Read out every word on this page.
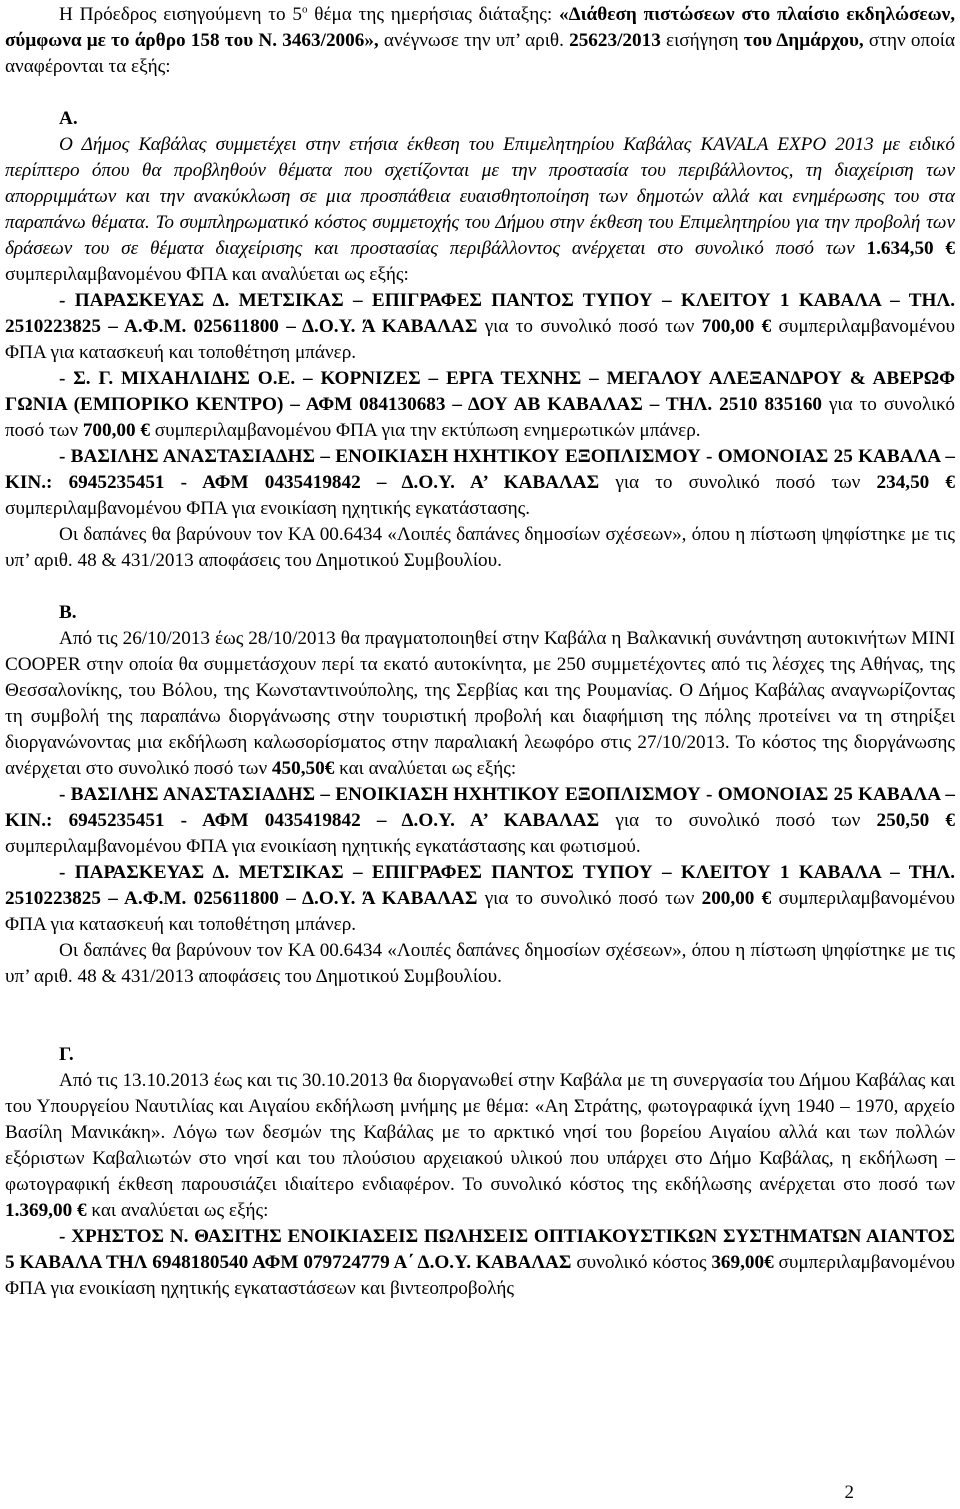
Η Πρόεδρος εισηγούμενη το $5^o$ θέμα της ημερήσιας διάταξης: «Διάθεση πιστώσεων στο πλαίσιο εκδηλώσεων, σύμφωνα με το άρθρο 158 του Ν. 3463/2006», ανέγνωσε την υπ’ αριθ. 25623/2013 εισήγηση του Δημάρχου, στην οποία αναφέρονται τα εξής:

Α.

Ο Δήμος Καβάλας συμμετέχει στην ετήσια έκθεση του Επιμελητηρίου Καβάλας KAVALA EXPO 2013 με ειδικό περίπτερο όπου θα προβληθούν θέματα που σχετίζονται με την προστασία του περιβάλλοντος, τη διαχείριση των απορριμμάτων και την ανακύκλωση σε μια προσπάθεια ευαισθητοποίηση των δημοτών αλλά και ενημέρωσης του στα παραπάνω θέματα. Το συμπληρωματικό κόστος συμμετοχής του Δήμου στην έκθεση του Επιμελητηρίου για την προβολή των δράσεων του σε θέματα διαχείρισης και προστασίας περιβάλλοντος ανέρχεται στο συνολικό ποσό των 1.634,50 € συμπεριλαμβανομένου ΦΠΑ και αναλύεται ως εξής:

- ΠΑΡΑΣΚΕΥΑΣ Δ. ΜΕΤΣΙΚΑΣ – ΕΠΙΓΡΑΦΕΣ ΠΑΝΤΟΣ ΤΥΠΟΥ – ΚΛΕΙΤΟΥ 1 ΚΑΒΑΛΑ – ΤΗΛ. 2510223825 – Α.Φ.Μ. 025611800 – Δ.Ο.Υ. Ά ΚΑΒΑΛΑΣ για το συνολικό ποσό των 700,00 € συμπεριλαμβανομένου ΦΠΑ για κατασκευή και τοποθέτηση μπάνερ.

- Σ. Γ. ΜΙΧΑΗΛΙΔΗΣ Ο.Ε. – ΚΟΡΝΙΖΕΣ – ΕΡΓΑ ΤΕΧΝΗΣ – ΜΕΓΑΛΟΥ ΑΛΕΞΑΝΔΡΟΥ & ΑΒΕΡΩΦ ΓΩΝΙΑ (ΕΜΠΟΡΙΚΟ ΚΕΝΤΡΟ) – ΑΦΜ 084130683 – ΔΟΥ ΑΒ ΚΑΒΑΛΑΣ – ΤΗΛ. 2510 835160 για το συνολικό ποσό των 700,00 € συμπεριλαμβανομένου ΦΠΑ για την εκτύπωση ενημερωτικών μπάνερ.

- ΒΑΣΙΛΗΣ ΑΝΑΣΤΑΣΙΑΔΗΣ – ΕΝΟΙΚΙΑΣΗ ΗΧΗΤΙΚΟΥ ΕΞΟΠΛΙΣΜΟΥ - ΟΜΟΝΟΙΑΣ 25 ΚΑΒΑΛΑ – ΚΙΝ.: 6945235451 - ΑΦΜ 0435419842 – Δ.Ο.Υ. Α’ ΚΑΒΑΛΑΣ για το συνολικό ποσό των 234,50 € συμπεριλαμβανομένου ΦΠΑ για ενοικίαση ηχητικής εγκατάστασης.

Οι δαπάνες θα βαρύνουν τον ΚΑ 00.6434 «Λοιπές δαπάνες δημοσίων σχέσεων», όπου η πίστωση ψηφίστηκε με τις υπ’ αριθ. 48 & 431/2013 αποφάσεις του Δημοτικού Συμβουλίου.

Β.

Από τις 26/10/2013 έως 28/10/2013 θα πραγματοποιηθεί στην Καβάλα η Βαλκανική συνάντηση αυτοκινήτων MINI COOPER στην οποία θα συμμετάσχουν περί τα εκατό αυτοκίνητα, με 250 συμμετέχοντες από τις λέσχες της Αθήνας, της Θεσσαλονίκης, του Βόλου, της Κωνσταντινούπολης, της Σερβίας και της Ρουμανίας. Ο Δήμος Καβάλας αναγνωρίζοντας τη συμβολή της παραπάνω διοργάνωσης στην τουριστική προβολή και διαφήμιση της πόλης προτείνει να τη στηρίξει διοργανώνοντας μια εκδήλωση καλωσορίσματος στην παραλιακή λεωφόρο στις 27/10/2013. Το κόστος της διοργάνωσης ανέρχεται στο συνολικό ποσό των 450,50€ και αναλύεται ως εξής:

- ΒΑΣΙΛΗΣ ΑΝΑΣΤΑΣΙΑΔΗΣ – ΕΝΟΙΚΙΑΣΗ ΗΧΗΤΙΚΟΥ ΕΞΟΠΛΙΣΜΟΥ - ΟΜΟΝΟΙΑΣ 25 ΚΑΒΑΛΑ – ΚΙΝ.: 6945235451 - ΑΦΜ 0435419842 – Δ.Ο.Υ. Α’ ΚΑΒΑΛΑΣ για το συνολικό ποσό των 250,50 € συμπεριλαμβανομένου ΦΠΑ για ενοικίαση ηχητικής εγκατάστασης και φωτισμού.

- ΠΑΡΑΣΚΕΥΑΣ Δ. ΜΕΤΣΙΚΑΣ – ΕΠΙΓΡΑΦΕΣ ΠΑΝΤΟΣ ΤΥΠΟΥ – ΚΛΕΙΤΟΥ 1 ΚΑΒΑΛΑ – ΤΗΛ. 2510223825 – Α.Φ.Μ. 025611800 – Δ.Ο.Υ. Ά ΚΑΒΑΛΑΣ για το συνολικό ποσό των 200,00 € συμπεριλαμβανομένου ΦΠΑ για κατασκευή και τοποθέτηση μπάνερ.

Οι δαπάνες θα βαρύνουν τον ΚΑ 00.6434 «Λοιπές δαπάνες δημοσίων σχέσεων», όπου η πίστωση ψηφίστηκε με τις υπ’ αριθ. 48 & 431/2013 αποφάσεις του Δημοτικού Συμβουλίου.

Γ.

Από τις 13.10.2013 έως και τις 30.10.2013 θα διοργανωθεί στην Καβάλα με τη συνεργασία του Δήμου Καβάλας και του Υπουργείου Ναυτιλίας και Αιγαίου εκδήλωση μνήμης με θέμα: «Αη Στράτης, φωτογραφικά ίχνη 1940 – 1970, αρχείο Βασίλη Μανικάκη». Λόγω των δεσμών της Καβάλας με το αρκτικό νησί του βορείου Αιγαίου αλλά και των πολλών εξόριστων Καβαλιωτών στο νησί και του πλούσιου αρχειακού υλικού που υπάρχει στο Δήμο Καβάλας, η εκδήλωση – φωτογραφική έκθεση παρουσιάζει ιδιαίτερο ενδιαφέρον. Το συνολικό κόστος της εκδήλωσης ανέρχεται στο ποσό των 1.369,00 € και αναλύεται ως εξής:

- ΧΡΗΣΤΟΣ Ν. ΘΑΣΙΤΗΣ ΕΝΟΙΚΙΑΣΕΙΣ ΠΩΛΗΣΕΙΣ ΟΠΤΙΑΚΟΥΣΤΙΚΩΝ ΣΥΣΤΗΜΑΤΩΝ ΑΙΑΝΤΟΣ 5 ΚΑΒΑΛΑ ΤΗΛ 6948180540 ΑΦΜ 079724779 Α΄ Δ.Ο.Υ. ΚΑΒΑΛΑΣ συνολικό κόστος 369,00€ συμπεριλαμβανομένου ΦΠΑ για ενοικίαση ηχητικής εγκαταστάσεων και βιντεοπροβολής

2
